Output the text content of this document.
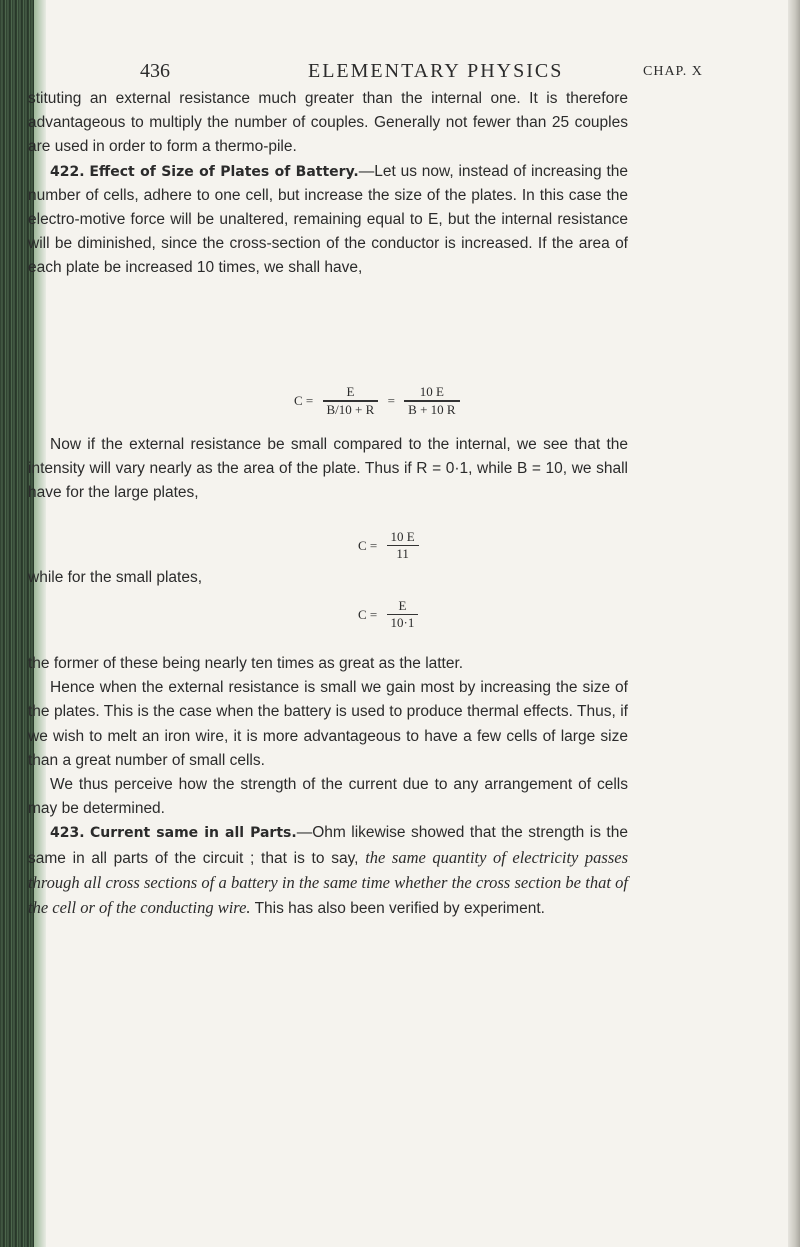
436	ELEMENTARY PHYSICS	CHAP. X

stituting an external resistance much greater than the internal one. It is therefore advantageous to multiply the number of couples. Generally not fewer than 25 couples are used in order to form a thermo-pile.

422. Effect of Size of Plates of Battery.—Let us now, instead of increasing the number of cells, adhere to one cell, but increase the size of the plates. In this case the electro-motive force will be unaltered, remaining equal to E, but the internal resistance will be diminished, since the cross-section of the conductor is increased. If the area of each plate be increased 10 times, we shall have,

$C = \frac{E}{B/10 + R} = \frac{10 E}{B + 10 R}$

Now if the external resistance be small compared to the internal, we see that the intensity will vary nearly as the area of the plate. Thus if R = 0·1, while B = 10, we shall have for the large plates,

$C = \frac{10 E}{11}$

while for the small plates,

$C = \frac{E}{10\cdot 1}$

the former of these being nearly ten times as great as the latter.

Hence when the external resistance is small we gain most by increasing the size of the plates. This is the case when the battery is used to produce thermal effects. Thus, if we wish to melt an iron wire, it is more advantageous to have a few cells of large size than a great number of small cells.

We thus perceive how the strength of the current due to any arrangement of cells may be determined.

423. Current same in all Parts.—Ohm likewise showed that the strength is the same in all parts of the circuit ; that is to say, the same quantity of electricity passes through all cross sections of a battery in the same time whether the cross section be that of the cell or of the conducting wire. This has also been verified by experiment.
